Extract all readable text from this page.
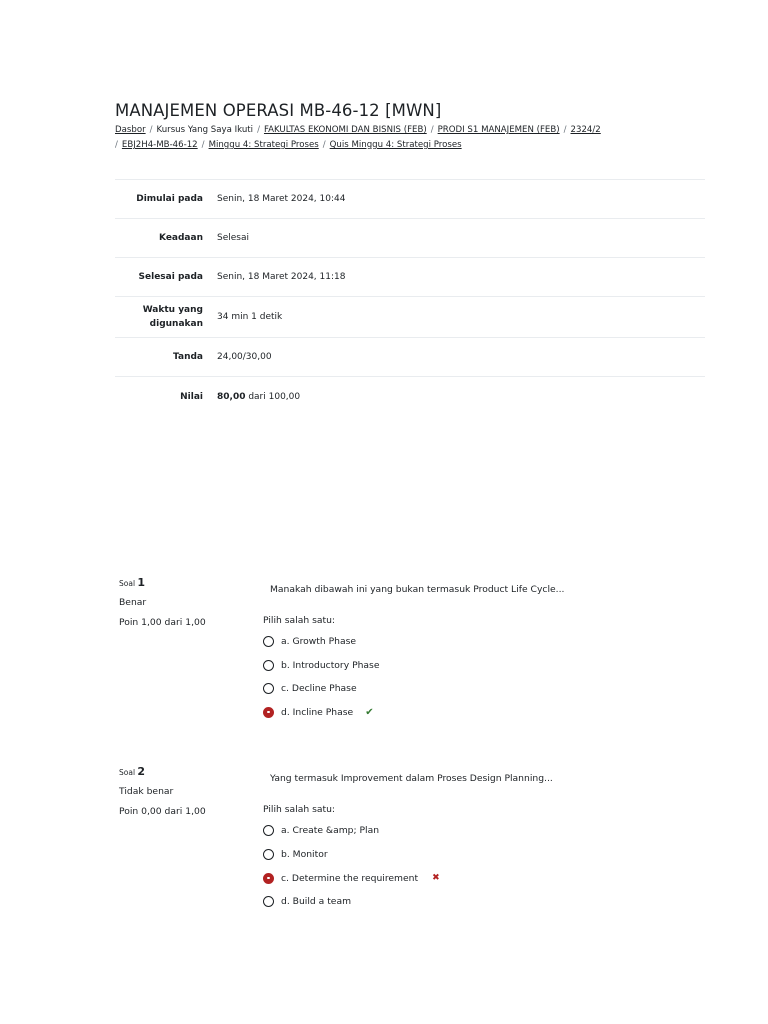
MANAJEMEN OPERASI MB-46-12 [MWN]
Dasbor / Kursus Yang Saya Ikuti / FAKULTAS EKONOMI DAN BISNIS (FEB) / PRODI S1 MANAJEMEN (FEB) / 2324/2
/ EBJ2H4-MB-46-12 / Minggu 4: Strategi Proses / Quis Minggu 4: Strategi Proses
Dimulai pada	Senin, 18 Maret 2024, 10:44
Keadaan	Selesai
Selesai pada	Senin, 18 Maret 2024, 11:18
Waktu yang digunakan	34 min 1 detik
Tanda	24,00/30,00
Nilai	80,00 dari 100,00
Soal 1
Benar
Poin 1,00 dari 1,00
Manakah dibawah ini yang bukan termasuk Product Life Cycle...
Pilih salah satu:
a. Growth Phase
b. Introductory Phase
c. Decline Phase
d. Incline Phase ✔
Soal 2
Tidak benar
Poin 0,00 dari 1,00
Yang termasuk Improvement dalam Proses Design Planning...
Pilih salah satu:
a. Create &amp; Plan
b. Monitor
c. Determine the requirement ✖
d. Build a team
